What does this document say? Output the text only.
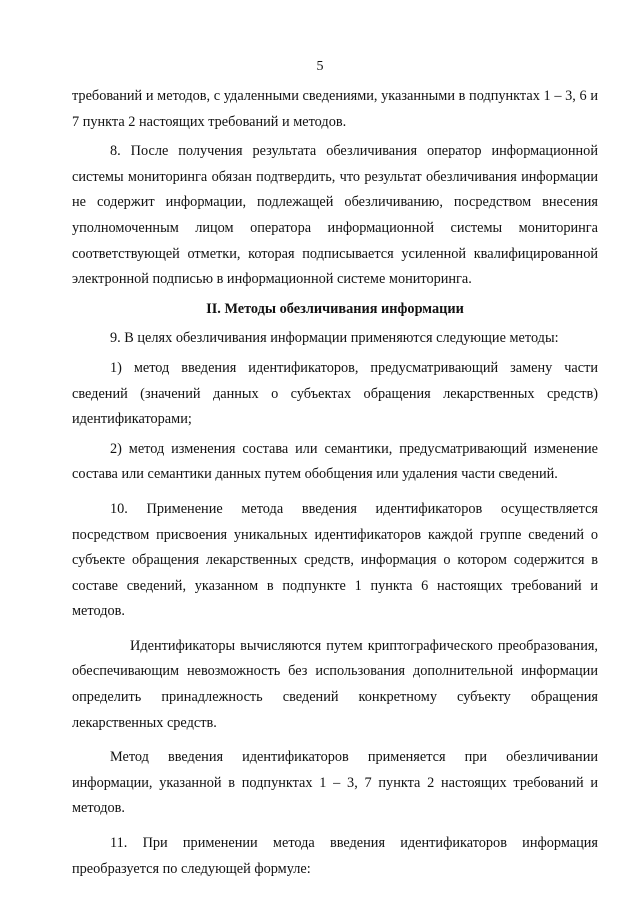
5

требований и методов, с удаленными сведениями, указанными в подпунктах 1 – 3, 6 и 7 пункта 2 настоящих требований и методов.

8. После получения результата обезличивания оператор информационной системы мониторинга обязан подтвердить, что результат обезличивания информации не содержит информации, подлежащей обезличиванию, посредством внесения уполномоченным лицом оператора информационной системы мониторинга соответствующей отметки, которая подписывается усиленной квалифицированной электронной подписью в информационной системе мониторинга.

II. Методы обезличивания информации

9. В целях обезличивания информации применяются следующие методы:

1) метод введения идентификаторов, предусматривающий замену части сведений (значений данных о субъектах обращения лекарственных средств) идентификаторами;

2) метод изменения состава или семантики, предусматривающий изменение состава или семантики данных путем обобщения или удаления части сведений.

10. Применение метода введения идентификаторов осуществляется посредством присвоения уникальных идентификаторов каждой группе сведений о субъекте обращения лекарственных средств, информация о котором содержится в составе сведений, указанном в подпункте 1 пункта 6 настоящих требований и методов.

Идентификаторы вычисляются путем криптографического преобразования, обеспечивающим невозможность без использования дополнительной информации определить принадлежность сведений конкретному субъекту обращения лекарственных средств.

Метод введения идентификаторов применяется при обезличивании информации, указанной в подпунктах 1 – 3, 7 пункта 2 настоящих требований и методов.

11. При применении метода введения идентификаторов информация преобразуется по следующей формуле:
